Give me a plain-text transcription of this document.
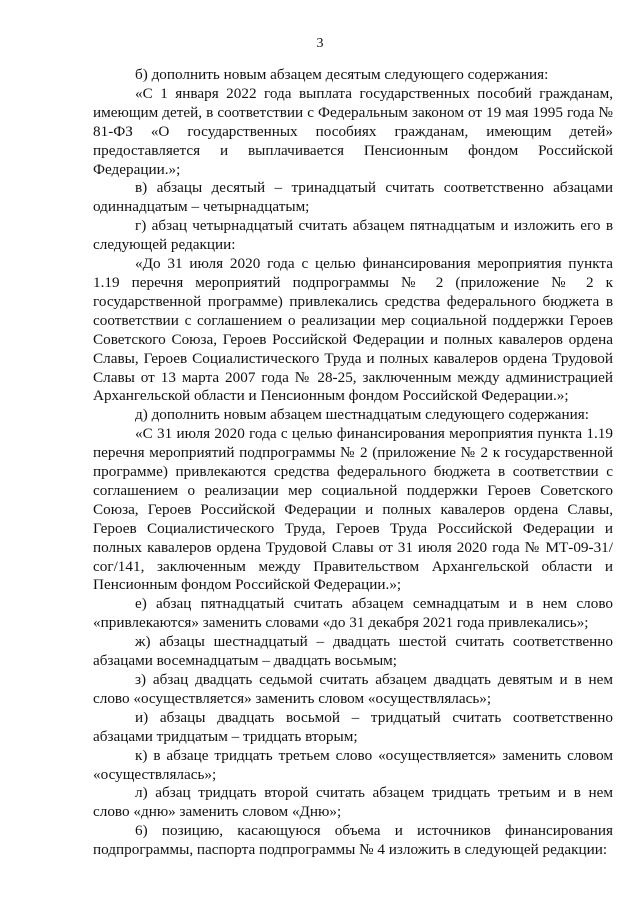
3

б) дополнить новым абзацем десятым следующего содержания:

«С 1 января 2022 года выплата государственных пособий гражданам, имеющим детей, в соответствии с Федеральным законом от 19 мая 1995 года № 81-ФЗ «О государственных пособиях гражданам, имеющим детей» предоставляется и выплачивается Пенсионным фондом Российской Федерации.»;

в) абзацы десятый – тринадцатый считать соответственно абзацами одиннадцатым – четырнадцатым;

г) абзац четырнадцатый считать абзацем пятнадцатым и изложить его в следующей редакции:

«До 31 июля 2020 года с целью финансирования мероприятия пункта 1.19 перечня мероприятий подпрограммы № 2 (приложение № 2 к государственной программе) привлекались средства федерального бюджета в соответствии с соглашением о реализации мер социальной поддержки Героев Советского Союза, Героев Российской Федерации и полных кавалеров ордена Славы, Героев Социалистического Труда и полных кавалеров ордена Трудовой Славы от 13 марта 2007 года № 28-25, заключенным между администрацией Архангельской области и Пенсионным фондом Российской Федерации.»;

д) дополнить новым абзацем шестнадцатым следующего содержания:

«С 31 июля 2020 года с целью финансирования мероприятия пункта 1.19 перечня мероприятий подпрограммы № 2 (приложение № 2 к государственной программе) привлекаются средства федерального бюджета в соответствии с соглашением о реализации мер социальной поддержки Героев Советского Союза, Героев Российской Федерации и полных кавалеров ордена Славы, Героев Социалистического Труда, Героев Труда Российской Федерации и полных кавалеров ордена Трудовой Славы от 31 июля 2020 года № МТ-09-31/сог/141, заключенным между Правительством Архангельской области и Пенсионным фондом Российской Федерации.»;

е) абзац пятнадцатый считать абзацем семнадцатым и в нем слово «привлекаются» заменить словами «до 31 декабря 2021 года привлекались»;

ж) абзацы шестнадцатый – двадцать шестой считать соответственно абзацами восемнадцатым – двадцать восьмым;

з) абзац двадцать седьмой считать абзацем двадцать девятым и в нем слово «осуществляется» заменить словом «осуществлялась»;

и) абзацы двадцать восьмой – тридцатый считать соответственно абзацами тридцатым – тридцать вторым;

к) в абзаце тридцать третьем слово «осуществляется» заменить словом «осуществлялась»;

л) абзац тридцать второй считать абзацем тридцать третьим и в нем слово «дню» заменить словом «Дню»;

6) позицию, касающуюся объема и источников финансирования подпрограммы, паспорта подпрограммы № 4 изложить в следующей редакции:
